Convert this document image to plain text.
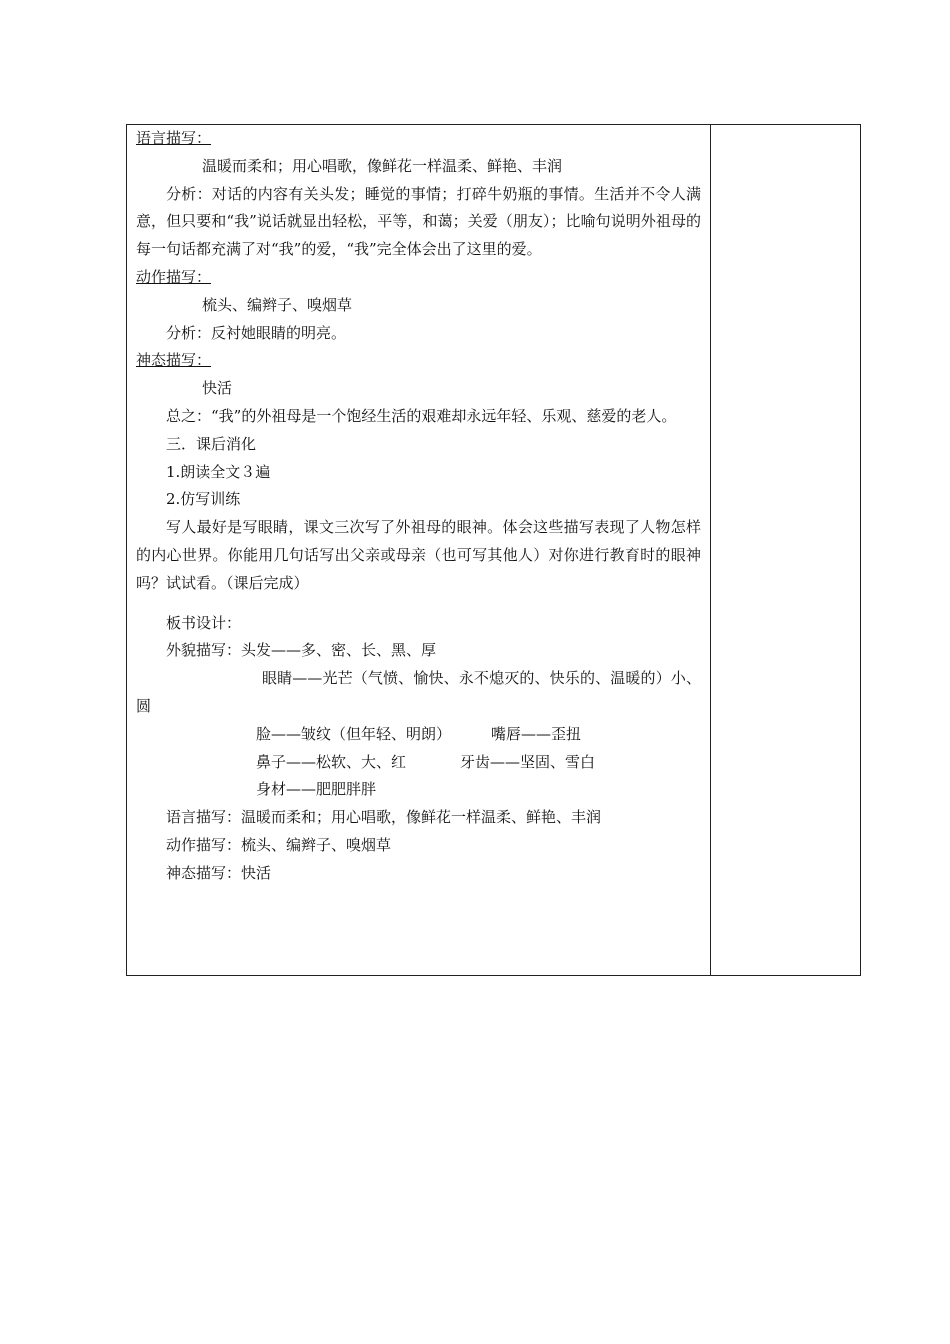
语言描写：
温暖而柔和；用心唱歌，像鲜花一样温柔、鲜艳、丰润
分析：对话的内容有关头发；睡觉的事情；打碎牛奶瓶的事情。生活并不令人满意，但只要和“我”说话就显出轻松，平等，和蔼；关爱（朋友）；比喻句说明外祖母的每一句话都充满了对“我”的爱，“我”完全体会出了这里的爱。
动作描写：
梳头、编辫子、嗅烟草
分析：反衬她眼睛的明亮。
神态描写：
快活
总之：“我”的外祖母是一个饱经生活的艰难却永远年轻、乐观、慈爱的老人。
三．课后消化
1.朗读全文３遍
2.仿写训练
写人最好是写眼睛，课文三次写了外祖母的眼神。体会这些描写表现了人物怎样的内心世界。你能用几句话写出父亲或母亲（也可写其他人）对你进行教育时的眼神吗？试试看。（课后完成）
板书设计：
外貌描写：头发——多、密、长、黑、厚
眼睛——光芒（气愤、愉快、永不熄灭的、快乐的、温暖的）小、圆
脸——皱纹（但年轻、明朗）	嘴唇——歪扭
鼻子——松软、大、红	牙齿——坚固、雪白
身材——肥肥胖胖
语言描写：温暖而柔和；用心唱歌，像鲜花一样温柔、鲜艳、丰润
动作描写：梳头、编辫子、嗅烟草
神态描写：快活
